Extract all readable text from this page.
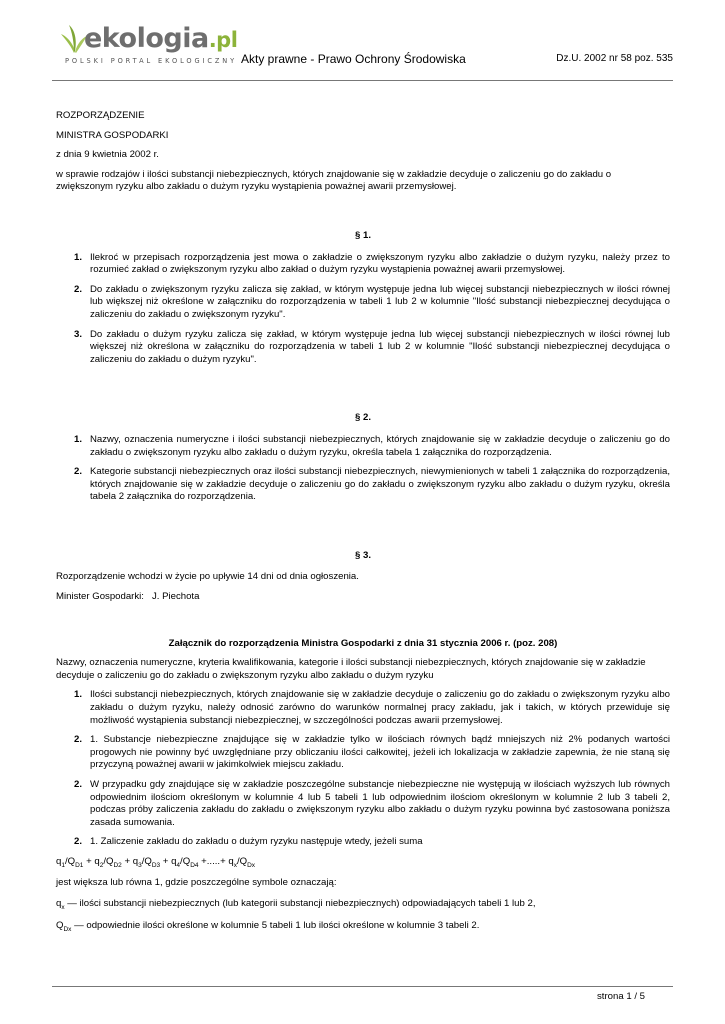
ekologia.pl
POLSKI PORTAL EKOLOGICZNY Akty prawne - Prawo Ochrony Środowiska	Dz.U. 2002 nr 58 poz. 535

ROZPORZĄDZENIE

MINISTRA GOSPODARKI

z dnia 9 kwietnia 2002 r.

w sprawie rodzajów i ilości substancji niebezpiecznych, których znajdowanie się w zakładzie decyduje o zaliczeniu go do zakładu o zwiększonym ryzyku albo zakładu o dużym ryzyku wystąpienia poważnej awarii przemysłowej.

§ 1.

1. Ilekroć w przepisach rozporządzenia jest mowa o zakładzie o zwiększonym ryzyku albo zakładzie o dużym ryzyku, należy przez to rozumieć zakład o zwiększonym ryzyku albo zakład o dużym ryzyku wystąpienia poważnej awarii przemysłowej.
2. Do zakładu o zwiększonym ryzyku zalicza się zakład, w którym występuje jedna lub więcej substancji niebezpiecznych w ilości równej lub większej niż określone w załączniku do rozporządzenia w tabeli 1 lub 2 w kolumnie "Ilość substancji niebezpiecznej decydująca o zaliczeniu do zakładu o zwiększonym ryzyku".
3. Do zakładu o dużym ryzyku zalicza się zakład, w którym występuje jedna lub więcej substancji niebezpiecznych w ilości równej lub większej niż określona w załączniku do rozporządzenia w tabeli 1 lub 2 w kolumnie "Ilość substancji niebezpiecznej decydująca o zaliczeniu do zakładu o dużym ryzyku".

§ 2.

1. Nazwy, oznaczenia numeryczne i ilości substancji niebezpiecznych, których znajdowanie się w zakładzie decyduje o zaliczeniu go do zakładu o zwiększonym ryzyku albo zakładu o dużym ryzyku, określa tabela 1 załącznika do rozporządzenia.
2. Kategorie substancji niebezpiecznych oraz ilości substancji niebezpiecznych, niewymienionych w tabeli 1 załącznika do rozporządzenia, których znajdowanie się w zakładzie decyduje o zaliczeniu go do zakładu o zwiększonym ryzyku albo zakładu o dużym ryzyku, określa tabela 2 załącznika do rozporządzenia.

§ 3.

Rozporządzenie wchodzi w życie po upływie 14 dni od dnia ogłoszenia.

Minister Gospodarki:   J. Piechota

Załącznik do rozporządzenia Ministra Gospodarki z dnia 31 stycznia 2006 r. (poz. 208)

Nazwy, oznaczenia numeryczne, kryteria kwalifikowania, kategorie i ilości substancji niebezpiecznych, których znajdowanie się w zakładzie decyduje o zaliczeniu go do zakładu o zwiększonym ryzyku albo zakładu o dużym ryzyku

1. Ilości substancji niebezpiecznych, których znajdowanie się w zakładzie decyduje o zaliczeniu go do zakładu o zwiększonym ryzyku albo zakładu o dużym ryzyku, należy odnosić zarówno do warunków normalnej pracy zakładu, jak i takich, w których przewiduje się możliwość wystąpienia substancji niebezpiecznej, w szczególności podczas awarii przemysłowej.
2. 1. Substancje niebezpieczne znajdujące się w zakładzie tylko w ilościach równych bądź mniejszych niż 2% podanych wartości progowych nie powinny być uwzględniane przy obliczaniu ilości całkowitej, jeżeli ich lokalizacja w zakładzie zapewnia, że nie staną się przyczyną poważnej awarii w jakimkolwiek miejscu zakładu.
2. W przypadku gdy znajdujące się w zakładzie poszczególne substancje niebezpieczne nie występują w ilościach wyższych lub równych odpowiednim ilościom określonym w kolumnie 4 lub 5 tabeli 1 lub odpowiednim ilościom określonym w kolumnie 2 lub 3 tabeli 2, podczas próby zaliczenia zakładu do zakładu o zwiększonym ryzyku albo zakładu o dużym ryzyku powinna być zastosowana poniższa zasada sumowania.
2. 1. Zaliczenie zakładu do zakładu o dużym ryzyku następuje wtedy, jeżeli suma

$q_1/Q_{D1} + q_2/Q_{D2} + q_3/Q_{D3} + q_4/Q_{D4}$ +.....+ $q_x/Q_{Dx}$

jest większa lub równa 1, gdzie poszczególne symbole oznaczają:

$q_x$ — ilości substancji niebezpiecznych (lub kategorii substancji niebezpiecznych) odpowiadających tabeli 1 lub 2,

$Q_{Dx}$ — odpowiednie ilości określone w kolumnie 5 tabeli 1 lub ilości określone w kolumnie 3 tabeli 2.

strona 1 / 5
